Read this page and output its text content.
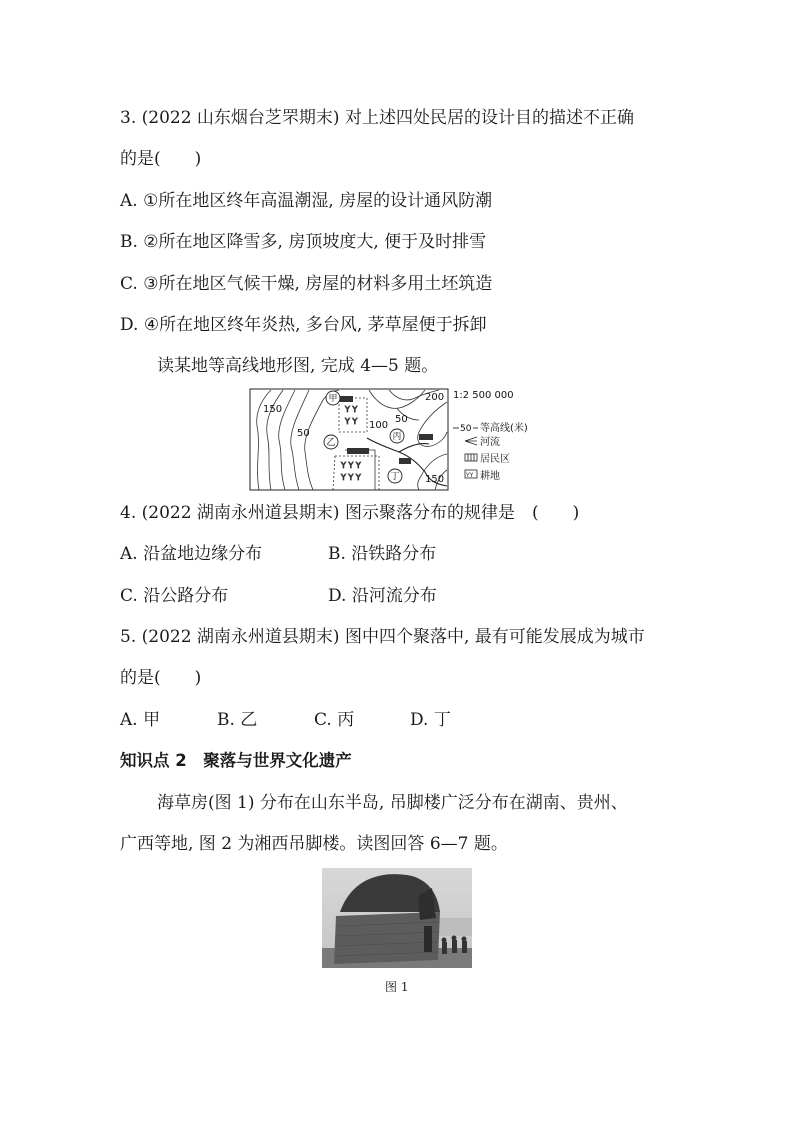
3. (2022 山东烟台芝罘期末) 对上述四处民居的设计目的描述不正确
的是(　　)
A. ①所在地区终年高温潮湿, 房屋的设计通风防潮
B. ②所在地区降雪多, 房顶坡度大, 便于及时排雪
C. ③所在地区气候干燥, 房屋的材料多用土坯筑造
D. ④所在地区终年炎热, 多台风, 茅草屋便于拆卸
读某地等高线地形图, 完成 4—5 题。
Y Y
Y Y
Y Y Y
Y Y Y
甲
乙
丙
丁
150
50
100
50
200
150
1:2 500 000
50 等高线(米)
河流
居民区
YY 耕地
4. (2022 湖南永州道县期末) 图示聚落分布的规律是　(　　)
A. 沿盆地边缘分布	B. 沿铁路分布
C. 沿公路分布	D. 沿河流分布
5. (2022 湖南永州道县期末) 图中四个聚落中, 最有可能发展成为城市
的是(　　)
A. 甲	B. 乙	C. 丙	D. 丁
知识点 2　聚落与世界文化遗产
海草房(图 1) 分布在山东半岛, 吊脚楼广泛分布在湖南、贵州、
广西等地, 图 2 为湘西吊脚楼。读图回答 6—7 题。
图 1
